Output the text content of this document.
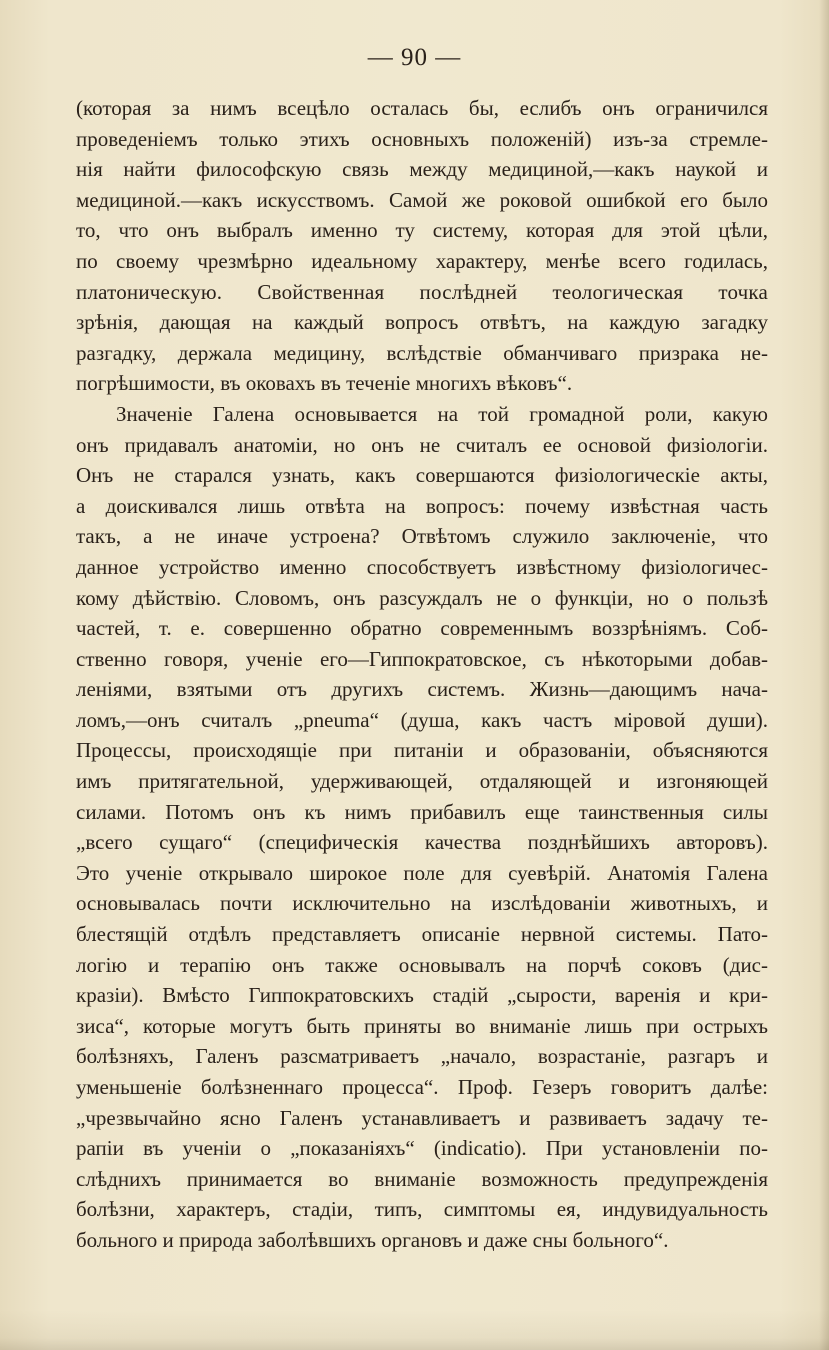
— 90 —
(которая за нимъ всецѣло осталась бы, еслибъ онъ ограничился
проведеніемъ только этихъ основныхъ положеній) изъ-за стремле-
нія найти философскую связь между медициной,—какъ наукой и
медициной.—какъ искусствомъ. Самой же роковой ошибкой его было
то, что онъ выбралъ именно ту систему, которая для этой цѣли,
по своему чрезмѣрно идеальному характеру, менѣе всего годилась,
платоническую. Свойственная послѣдней теологическая точка
зрѣнія, дающая на каждый вопросъ отвѣтъ, на каждую загадку
разгадку, держала медицину, вслѣдствіе обманчиваго призрака не-
погрѣшимости, въ оковахъ въ теченіе многихъ вѣковъ“.
Значеніе Галена основывается на той громадной роли, какую
онъ придавалъ анатоміи, но онъ не считалъ ее основой физіологіи.
Онъ не старался узнать, какъ совершаются физіологическіе акты,
а доискивался лишь отвѣта на вопросъ: почему извѣстная часть
такъ, а не иначе устроена? Отвѣтомъ служило заключеніе, что
данное устройство именно способствуетъ извѣстному физіологичес-
кому дѣйствію. Словомъ, онъ разсуждалъ не о функціи, но о пользѣ
частей, т. е. совершенно обратно современнымъ воззрѣніямъ. Соб-
ственно говоря, ученіе его—Гиппократовское, съ нѣкоторыми добав-
леніями, взятыми отъ другихъ системъ. Жизнь—дающимъ нача-
ломъ,—онъ считалъ „pneuma“ (душа, какъ частъ міровой души).
Процессы, происходящіе при питаніи и образованіи, объясняются
имъ притягательной, удерживающей, отдаляющей и изгоняющей
силами. Потомъ онъ къ нимъ прибавилъ еще таинственныя силы
„всего сущаго“ (специфическія качества позднѣйшихъ авторовъ).
Это ученіе открывало широкое поле для суевѣрій. Анатомія Галена
основывалась почти исключительно на изслѣдованіи животныхъ, и
блестящій отдѣлъ представляетъ описаніе нервной системы. Пато-
логію и терапію онъ также основывалъ на порчѣ соковъ (дис-
кразіи). Вмѣсто Гиппократовскихъ стадій „сырости, варенія и кри-
зиса“, которые могутъ быть приняты во вниманіе лишь при острыхъ
болѣзняхъ, Галенъ разсматриваетъ „начало, возрастаніе, разгаръ и
уменьшеніе болѣзненнаго процесса“. Проф. Гезеръ говоритъ далѣе:
„чрезвычайно ясно Галенъ устанавливаетъ и развиваетъ задачу те-
рапіи въ ученіи о „показаніяхъ“ (indicatio). При установленіи по-
слѣднихъ принимается во вниманіе возможность предупрежденія
болѣзни, характеръ, стадіи, типъ, симптомы ея, индувидуальность
больного и природа заболѣвшихъ органовъ и даже сны больного“.
